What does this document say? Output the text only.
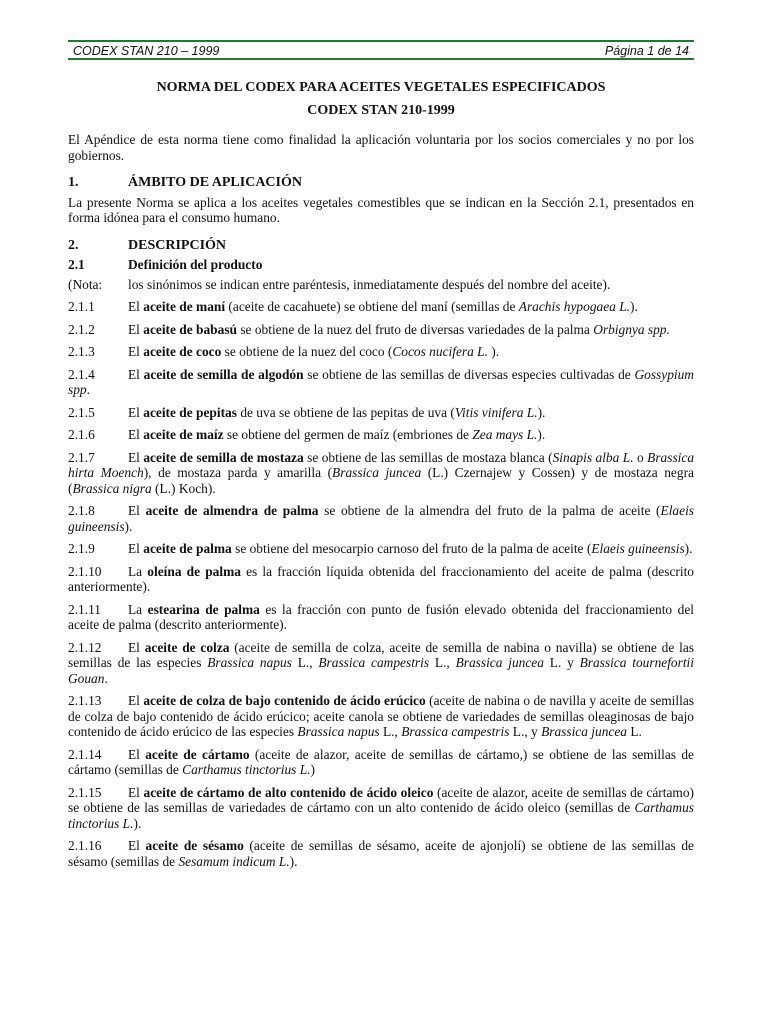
CODEX STAN 210 – 1999	Página 1 de 14
NORMA DEL CODEX PARA ACEITES VEGETALES ESPECIFICADOS
CODEX STAN 210-1999

El Apéndice de esta norma tiene como finalidad la aplicación voluntaria por los socios comerciales y no por los gobiernos.

1.	ÁMBITO DE APLICACIÓN

La presente Norma se aplica a los aceites vegetales comestibles que se indican en la Sección 2.1, presentados en forma idónea para el consumo humano.

2.	DESCRIPCIÓN
2.1	Definición del producto

(Nota: los sinónimos se indican entre paréntesis, inmediatamente después del nombre del aceite).

2.1.1 El aceite de maní (aceite de cacahuete) se obtiene del maní (semillas de Arachis hypogaea L.).

2.1.2 El aceite de babasú se obtiene de la nuez del fruto de diversas variedades de la palma Orbignya spp.

2.1.3 El aceite de coco se obtiene de la nuez del coco (Cocos nucifera L. ).

2.1.4 El aceite de semilla de algodón se obtiene de las semillas de diversas especies cultivadas de Gossypium spp.

2.1.5 El aceite de pepitas de uva se obtiene de las pepitas de uva (Vitis vinifera L.).

2.1.6 El aceite de maíz se obtiene del germen de maíz (embriones de Zea mays L.).

2.1.7 El aceite de semilla de mostaza se obtiene de las semillas de mostaza blanca (Sinapis alba L. o Brassica hirta Moench), de mostaza parda y amarilla (Brassica juncea (L.) Czernajew y Cossen) y de mostaza negra (Brassica nigra (L.) Koch).

2.1.8 El aceite de almendra de palma se obtiene de la almendra del fruto de la palma de aceite (Elaeis guineensis).

2.1.9 El aceite de palma se obtiene del mesocarpio carnoso del fruto de la palma de aceite (Elaeis guineensis).

2.1.10 La oleína de palma es la fracción líquida obtenida del fraccionamiento del aceite de palma (descrito anteriormente).

2.1.11 La estearina de palma es la fracción con punto de fusión elevado obtenida del fraccionamiento del aceite de palma (descrito anteriormente).

2.1.12 El aceite de colza (aceite de semilla de colza, aceite de semilla de nabina o navilla) se obtiene de las semillas de las especies Brassica napus L., Brassica campestris L., Brassica juncea L. y Brassica tournefortii Gouan.

2.1.13 El aceite de colza de bajo contenido de ácido erúcico (aceite de nabina o de navilla y aceite de semillas de colza de bajo contenido de ácido erúcico; aceite canola se obtiene de variedades de semillas oleaginosas de bajo contenido de ácido erúcico de las especies Brassica napus L., Brassica campestris L., y Brassica juncea L.

2.1.14 El aceite de cártamo (aceite de alazor, aceite de semillas de cártamo,) se obtiene de las semillas de cártamo (semillas de Carthamus tinctorius L.)

2.1.15 El aceite de cártamo de alto contenido de ácido oleico (aceite de alazor, aceite de semillas de cártamo) se obtiene de las semillas de variedades de cártamo con un alto contenido de ácido oleico (semillas de Carthamus tinctorius L.).

2.1.16 El aceite de sésamo (aceite de semillas de sésamo, aceite de ajonjolí) se obtiene de las semillas de sésamo (semillas de Sesamum indicum L.).
